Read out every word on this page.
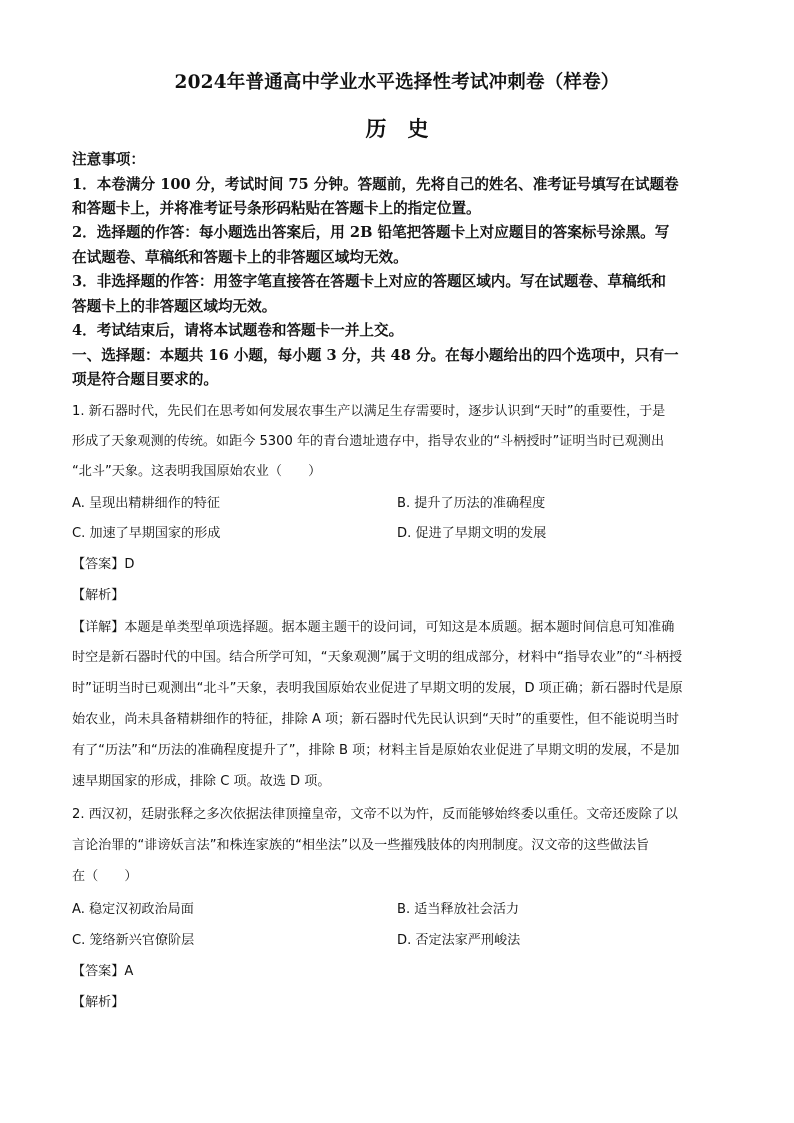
2024年普通高中学业水平选择性考试冲刺卷（样卷）
历　史
注意事项：
1．本卷满分 100 分，考试时间 75 分钟。答题前，先将自己的姓名、准考证号填写在试题卷
和答题卡上，并将准考证号条形码粘贴在答题卡上的指定位置。
2．选择题的作答：每小题选出答案后，用 2B 铅笔把答题卡上对应题目的答案标号涂黑。写
在试题卷、草稿纸和答题卡上的非答题区域均无效。
3．非选择题的作答：用签字笔直接答在答题卡上对应的答题区域内。写在试题卷、草稿纸和
答题卡上的非答题区域均无效。
4．考试结束后，请将本试题卷和答题卡一并上交。
一、选择题：本题共 16 小题，每小题 3 分，共 48 分。在每小题给出的四个选项中，只有一
项是符合题目要求的。
1. 新石器时代，先民们在思考如何发展农事生产以满足生存需要时，逐步认识到“天时”的重要性，于是
形成了天象观测的传统。如距今 5300 年的青台遗址遗存中，指导农业的“斗柄授时”证明当时已观测出
“北斗”天象。这表明我国原始农业（　　）
A. 呈现出精耕细作的特征	B. 提升了历法的准确程度
C. 加速了早期国家的形成	D. 促进了早期文明的发展
【答案】D
【解析】
【详解】本题是单类型单项选择题。据本题主题干的设问词，可知这是本质题。据本题时间信息可知准确
时空是新石器时代的中国。结合所学可知，“天象观测”属于文明的组成部分，材料中“指导农业”的“斗柄授
时”证明当时已观测出“北斗”天象，表明我国原始农业促进了早期文明的发展，D 项正确；新石器时代是原
始农业，尚未具备精耕细作的特征，排除 A 项；新石器时代先民认识到“天时”的重要性，但不能说明当时
有了“历法”和“历法的准确程度提升了”，排除 B 项；材料主旨是原始农业促进了早期文明的发展，不是加
速早期国家的形成，排除 C 项。故选 D 项。
2. 西汉初，廷尉张释之多次依据法律顶撞皇帝，文帝不以为忤，反而能够始终委以重任。文帝还废除了以
言论治罪的“诽谤妖言法”和株连家族的“相坐法”以及一些摧残肢体的肉刑制度。汉文帝的这些做法旨
在（　　）
A. 稳定汉初政治局面	B. 适当释放社会活力
C. 笼络新兴官僚阶层	D. 否定法家严刑峻法
【答案】A
【解析】
